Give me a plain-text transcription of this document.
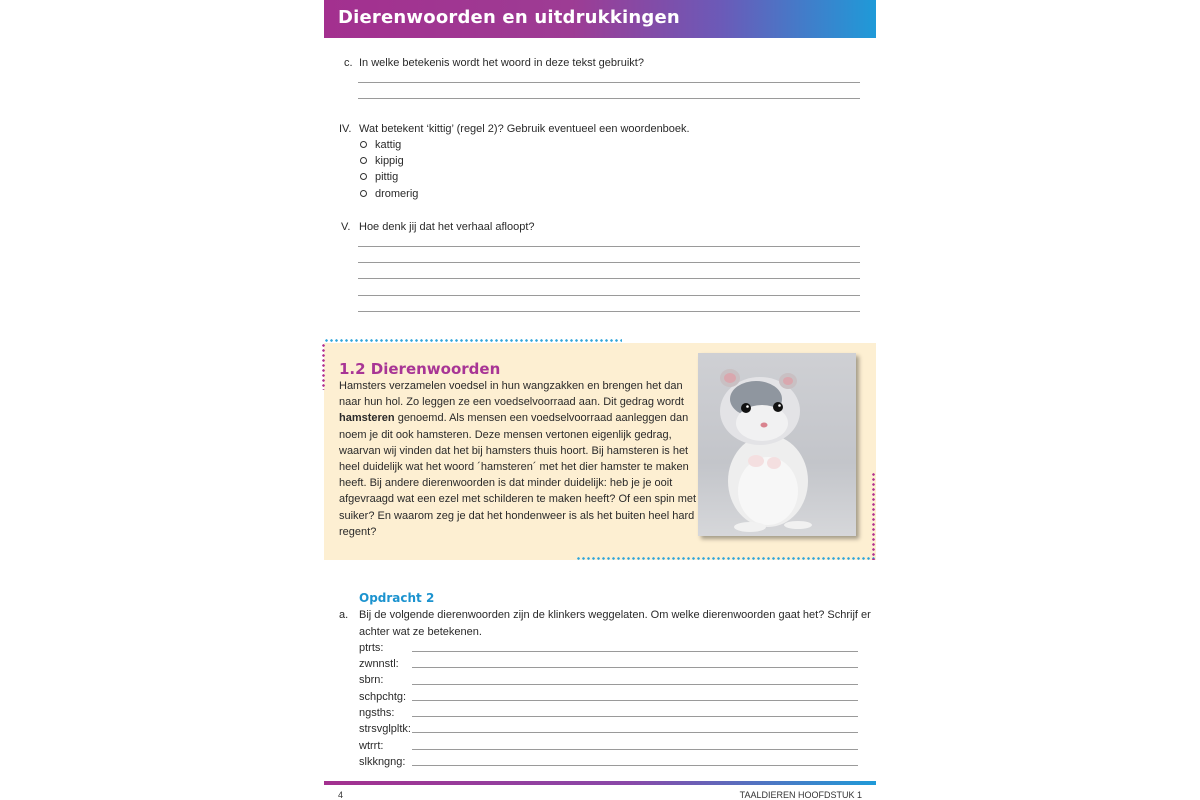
Dierenwoorden en uitdrukkingen
c. In welke betekenis wordt het woord in deze tekst gebruikt?
IV. Wat betekent ‘kittig’ (regel 2)? Gebruik eventueel een woordenboek.
kattig
kippig
pittig
dromerig
V. Hoe denk jij dat het verhaal afloopt?
1.2 Dierenwoorden

Hamsters verzamelen voedsel in hun wangzakken en brengen het dan naar hun hol. Zo leggen ze een voedselvoorraad aan. Dit gedrag wordt hamsteren genoemd. Als mensen een voedselvoorraad aanleggen dan noem je dit ook hamsteren. Deze mensen vertonen eigenlijk gedrag, waarvan wij vinden dat het bij hamsters thuis hoort. Bij hamsteren is het heel duidelijk wat het woord ´hamsteren´ met het dier hamster te maken heeft. Bij andere dierenwoorden is dat minder duidelijk: heb je je ooit afgevraagd wat een ezel met schilderen te maken heeft? Of een spin met suiker? En waarom zeg je dat het hondenweer is als het buiten heel hard regent?

Opdracht 2
a. Bij de volgende dierenwoorden zijn de klinkers weggelaten. Om welke dierenwoorden gaat het? Schrijf er
achter wat ze betekenen.
ptrts:
zwnnstl:
sbrn:
schpchtg:
ngsths:
strsvglpltk:
wtrrt:
slkkngng:
4	TAALDIEREN HOOFDSTUK 1
